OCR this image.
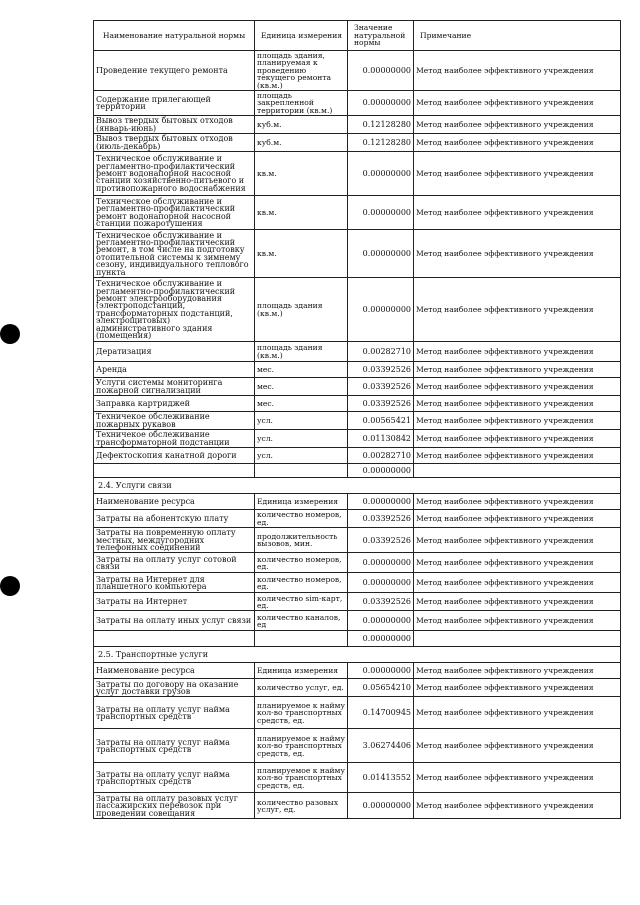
Наименование натуральной нормы	Единица измерения	Значение натуральной нормы	Примечание
Проведение текущего ремонта	площадь здания, планируемая к проведению текущего ремонта (кв.м.)	0.00000000	Метод наиболее эффективного учреждения
Содержание прилегающей территории	площадь закрепленной территории (кв.м.)	0.00000000	Метод наиболее эффективного учреждения
Вывоз твердых бытовых отходов (январь-июнь)	куб.м.	0.12128280	Метод наиболее эффективного учреждения
Вывоз твердых бытовых отходов (июль-декабрь)	куб.м.	0.12128280	Метод наиболее эффективного учреждения
Техническое обслуживание и регламентно-профилактический ремонт водонапорной насосной станции хозяйственно-питьевого и противопожарного водоснабжения	кв.м.	0.00000000	Метод наиболее эффективного учреждения
Техническое обслуживание и регламентно-профилактический ремонт водонапорной насосной станции пожаротушения	кв.м.	0.00000000	Метод наиболее эффективного учреждения
Техническое обслуживание и регламентно-профилактический ремонт, в том числе на подготовку отопительной системы к зимнему сезону, индивидуального теплового пункта	кв.м.	0.00000000	Метод наиболее эффективного учреждения
Техническое обслуживание и регламентно-профилактический ремонт электрооборудования (электроподстанций, трансформаторных подстанций, электрощитовых) административного здания (помещения)	площадь здания (кв.м.)	0.00000000	Метод наиболее эффективного учреждения
Дератизация	площадь здания (кв.м.)	0.00282710	Метод наиболее эффективного учреждения
Аренда	мес.	0.03392526	Метод наиболее эффективного учреждения
Услуги системы мониторинга пожарной сигнализации	мес.	0.03392526	Метод наиболее эффективного учреждения
Заправка картриджей	мес.	0.03392526	Метод наиболее эффективного учреждения
Техничекое обслеживание пожарных рукавов	усл.	0.00565421	Метод наиболее эффективного учреждения
Техничекое обслеживание трансформаторной подстанции	усл.	0.01130842	Метод наиболее эффективного учреждения
Дефектоскопия канатной дороги	усл.	0.00282710	Метод наиболее эффективного учреждения
		0.00000000	
2.4. Услуги связи			
Наименование ресурса	Единица измерения	0.00000000	Метод наиболее эффективного учреждения
Затраты на абонентскую плату	количество номеров, ед.	0.03392526	Метод наиболее эффективного учреждения
Затраты на повременную оплату местных, междугородних телефонных соединений	продолжительность вызовов, мин.	0.03392526	Метод наиболее эффективного учреждения
Затраты на оплату услуг сотовой связи	количество номеров, ед.	0.00000000	Метод наиболее эффективного учреждения
Затраты на Интернет для планшетного компьютера	количество номеров, ед.	0.00000000	Метод наиболее эффективного учреждения
Затраты на Интернет	количество sim-карт, ед.	0.03392526	Метод наиболее эффективного учреждения
Затраты на оплату иных услуг связи	количество каналов, ед	0.00000000	Метод наиболее эффективного учреждения
		0.00000000	
2.5. Транспортные услуги			
Наименование ресурса	Единица измерения	0.00000000	Метод наиболее эффективного учреждения
Затраты по договору на оказание услуг доставки грузов	количество услуг, ед.	0.05654210	Метод наиболее эффективного учреждения
Затраты на оплату услуг найма транспортных средств	планируемое к найму кол-во транспортных средств, ед.	0.14700945	Метод наиболее эффективного учреждения
Затраты на оплату услуг найма транспортных средств	планируемое к найму кол-во транспортных средств, ед.	3.06274406	Метод наиболее эффективного учреждения
Затраты на оплату услуг найма транспортных средств	планируемое к найму кол-во транспортных средств, ед.	0.01413552	Метод наиболее эффективного учреждения
Затраты на оплату разовых услуг пассажирских перевозок при проведении совещания	количество разовых услуг, ед.	0.00000000	Метод наиболее эффективного учреждения
